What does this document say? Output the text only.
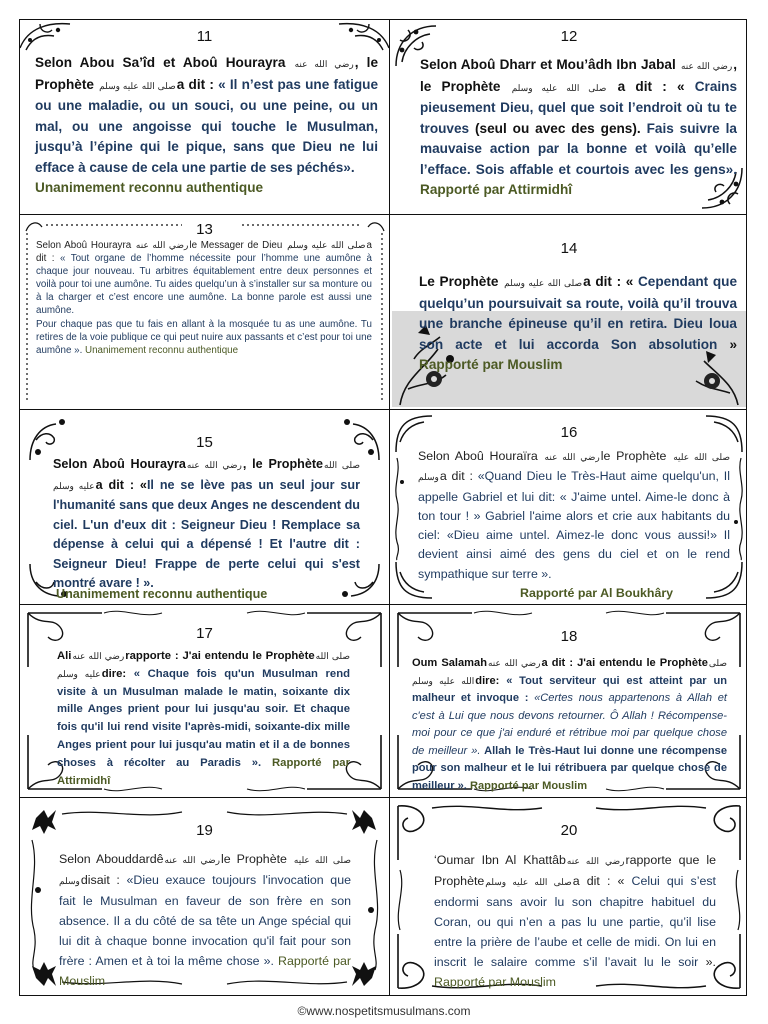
11
Selon Abou Sa’îd et Aboû Hourayra رضي الله عنه, le Prophète صلى الله عليه وسلمa dit : « Il n’est pas une fatigue ou une maladie, ou un souci, ou une peine, ou un mal, ou une angoisse qui touche le Musulman, jusqu’à l’épine qui le pique, sans que Dieu ne lui efface à cause de cela une partie de ses péchés».
Unanimement reconnu authentique
12
Selon Aboû Dharr et Mou’âdh Ibn Jabal رضي الله عنه, le Prophète صلى الله عليه وسلم a dit : « Crains pieusement Dieu, quel que soit l’endroit où tu te trouves (seul ou avec des gens). Fais suivre la mauvaise action par la bonne et voilà qu’elle l’efface. Sois affable et courtois avec les gens». Rapporté par Attirmidhî
13
Selon Aboû Hourayra رضي الله عنهle Messager de Dieu صلى الله عليه وسلمa dit : « Tout organe de l’homme nécessite pour l’homme une aumône à chaque jour nouveau. Tu arbitres équitablement entre deux personnes et voilà pour toi une aumône. Tu aides quelqu’un à s’installer sur sa monture ou à la charger et c’est encore une aumône. La bonne parole est aussi une aumône.
Pour chaque pas que tu fais en allant à la mosquée tu as une aumône. Tu retires de la voie publique ce qui peut nuire aux passants et c’est pour toi une aumône ». Unanimement reconnu authentique
14
Le Prophète صلى الله عليه وسلمa dit : « Cependant que quelqu’un poursuivait sa route, voilà qu’il trouva une branche épineuse qu’il en retira. Dieu loua son acte et lui accorda Son absolution » Rapporté par Mouslim
15
Selon Aboû Hourayraرضي الله عنه, le Prophèteصلى الله عليه وسلمa dit : «Il ne se lève pas un seul jour sur l'humanité sans que deux Anges ne descendent du ciel. L'un d'eux dit : Seigneur Dieu ! Remplace sa dépense à celui qui a dépensé ! Et l'autre dit : Seigneur Dieu! Frappe de perte celui qui s'est montré avare ! ».
Unanimement reconnu authentique
16
Selon Aboû Houraïra رضي الله عنهle Prophète صلى الله عليه وسلمa dit : «Quand Dieu le Très-Haut aime quelqu'un, Il appelle Gabriel et lui dit: « J'aime untel. Aime-le donc à ton tour ! » Gabriel l'aime alors et crie aux habitants du ciel: «Dieu aime untel. Aimez-le donc vous aussi!» Il devient ainsi aimé des gens du ciel et on le rend sympathique sur terre ».
Rapporté par Al Boukhâry
17
Aliرضي الله عنهrapporte : J'ai entendu le Prophèteصلى الله عليه وسلمdire: « Chaque fois qu'un Musulman rend visite à un Musulman malade le matin, soixante dix mille Anges prient pour lui jusqu'au soir. Et chaque fois qu'il lui rend visite l'après-midi, soixante-dix mille Anges prient pour lui jusqu'au matin et il a de bonnes choses à récolter au Paradis ». Rapporté par Attirmidhî
18
Oum Salamahرضي الله عنهa dit : J'ai entendu le Prophèteصلى الله عليه وسلمdire: « Tout serviteur qui est atteint par un malheur et invoque : «Certes nous appartenons à Allah et c'est à Lui que nous devons retourner. Ô Allah ! Récompense-moi pour ce que j'ai enduré et rétribue moi par quelque chose de meilleur ». Allah le Très-Haut lui donne une récompense pour son malheur et le lui rétribuera par quelque chose de meilleur ». Rapporté par Mouslim
19
Selon Abouddardêرضي الله عنهle Prophète صلى الله عليه وسلمdisait : «Dieu exauce toujours l'invocation que fait le Musulman en faveur de son frère en son absence. Il a du côté de sa tête un Ange spécial qui lui dit à chaque bonne invocation qu'il fait pour son frère : Amen et à toi la même chose ». Rapporté par Mouslim
20
‘Oumar Ibn Al Khattâbرضي الله عنهrapporte que le Prophèteصلى الله عليه وسلمa dit : « Celui qui s’est endormi sans avoir lu son chapitre habituel du Coran, ou qui n’en a pas lu une partie, qu’il lise entre la prière de l’aube et celle de midi. On lui en inscrit le salaire comme s’il l’avait lu le soir ». Rapporté par Mouslim
©www.nospetitsmusulmans.com
